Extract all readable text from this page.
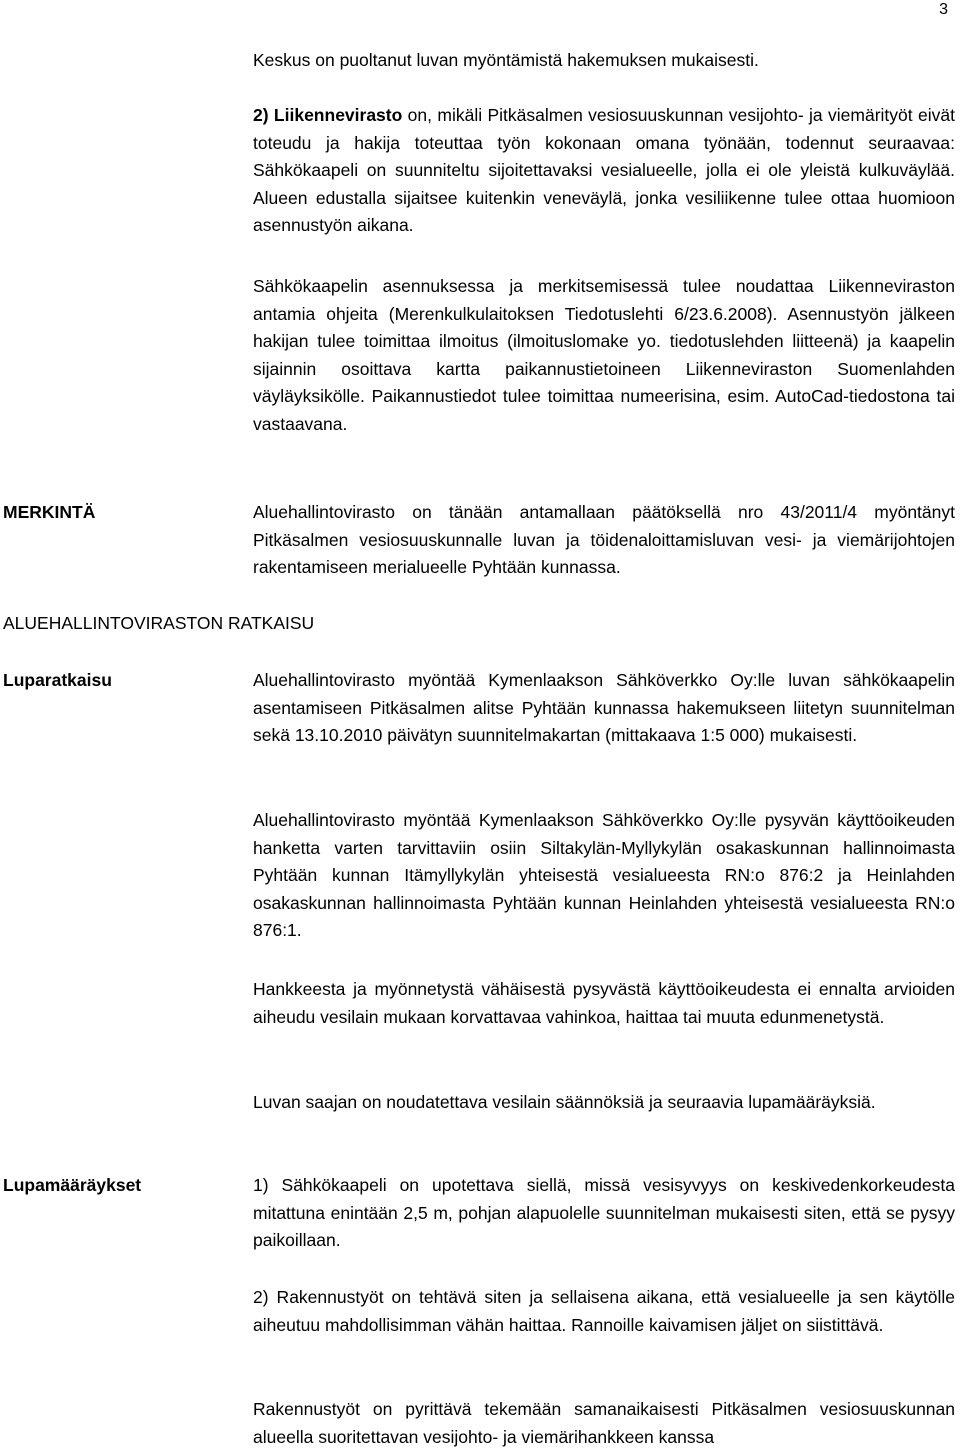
3

Keskus on puoltanut luvan myöntämistä hakemuksen mukaisesti.

2) Liikennevirasto on, mikäli Pitkäsalmen vesiosuuskunnan vesijohto- ja viemärityöt eivät toteudu ja hakija toteuttaa työn kokonaan omana työnään, todennut seuraavaa: Sähkökaapeli on suunniteltu sijoitettavaksi vesialueelle, jolla ei ole yleistä kulkuväylää. Alueen edustalla sijaitsee kuitenkin veneväylä, jonka vesiliikenne tulee ottaa huomioon asennustyön aikana.

Sähkökaapelin asennuksessa ja merkitsemisessä tulee noudattaa Liikenneviraston antamia ohjeita (Merenkulkulaitoksen Tiedotuslehti 6/23.6.2008). Asennustyön jälkeen hakijan tulee toimittaa ilmoitus (ilmoituslomake yo. tiedotuslehden liitteenä) ja kaapelin sijainnin osoittava kartta paikannustietoineen Liikenneviraston Suomenlahden väyläyksikölle. Paikannustiedot tulee toimittaa numeerisina, esim. AutoCad-tiedostona tai vastaavana.

MERKINTÄ	Aluehallintovirasto on tänään antamallaan päätöksellä nro 43/2011/4 myöntänyt Pitkäsalmen vesiosuuskunnalle luvan ja töidenaloittamisluvan vesi- ja viemärijohtojen rakentamiseen merialueelle Pyhtään kunnassa.

ALUEHALLINTOVIRASTON RATKAISU

Luparatkaisu	Aluehallintovirasto myöntää Kymenlaakson Sähköverkko Oy:lle luvan sähkökaapelin asentamiseen Pitkäsalmen alitse Pyhtään kunnassa hakemukseen liitetyn suunnitelman sekä 13.10.2010 päivätyn suunnitelmakartan (mittakaava 1:5 000) mukaisesti.

Aluehallintovirasto myöntää Kymenlaakson Sähköverkko Oy:lle pysyvän käyttöoikeuden hanketta varten tarvittaviin osiin Siltakylän-Myllykylän osakaskunnan hallinnoimasta Pyhtään kunnan Itämyllykylän yhteisestä vesialueesta RN:o 876:2 ja Heinlahden osakaskunnan hallinnoimasta Pyhtään kunnan Heinlahden yhteisestä vesialueesta RN:o 876:1.

Hankkeesta ja myönnetystä vähäisestä pysyvästä käyttöoikeudesta ei ennalta arvioiden aiheudu vesilain mukaan korvattavaa vahinkoa, haittaa tai muuta edunmenetystä.

Luvan saajan on noudatettava vesilain säännöksiä ja seuraavia lupamääräyksiä.

Lupamääräykset	1) Sähkökaapeli on upotettava siellä, missä vesisyvyys on keskivedenkorkeudesta mitattuna enintään 2,5 m, pohjan alapuolelle suunnitelman mukaisesti siten, että se pysyy paikoillaan.

2) Rakennustyöt on tehtävä siten ja sellaisena aikana, että vesialueelle ja sen käytölle aiheutuu mahdollisimman vähän haittaa. Rannoille kaivamisen jäljet on siistittävä.

Rakennustyöt on pyrittävä tekemään samanaikaisesti Pitkäsalmen vesiosuuskunnan alueella suoritettavan vesijohto- ja viemärihankkeen kanssa
